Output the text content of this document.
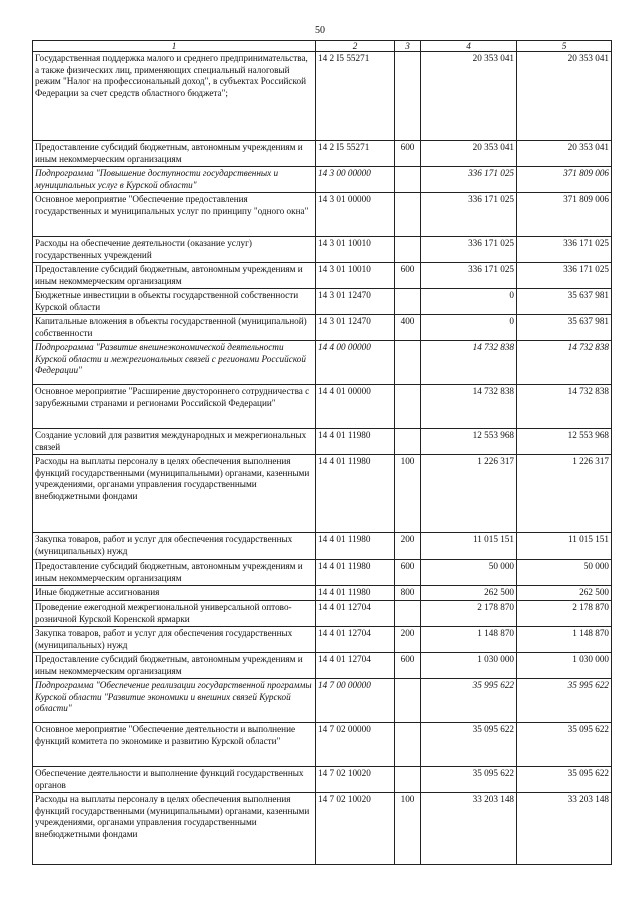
50
1	2	3	4	5
Государственная поддержка малого и среднего предпринимательства, а также физических лиц, применяющих специальный налоговый режим "Налог на профессиональный доход", в субъектах Российской Федерации за счет средств областного бюджета";	14 2 I5 55271		20 353 041	20 353 041
Предоставление субсидий бюджетным, автономным учреждениям и иным некоммерческим организациям	14 2 I5 55271	600	20 353 041	20 353 041
Подпрограмма "Повышение доступности государственных и муниципальных услуг в Курской области"	14 3 00 00000		336 171 025	371 809 006
Основное мероприятие "Обеспечение предоставления государственных и муниципальных услуг по принципу "одного окна"	14 3 01 00000		336 171 025	371 809 006
Расходы на обеспечение деятельности (оказание услуг) государственных учреждений	14 3 01 10010		336 171 025	336 171 025
Предоставление субсидий бюджетным, автономным учреждениям и иным некоммерческим организациям	14 3 01 10010	600	336 171 025	336 171 025
Бюджетные инвестиции в объекты государственной собственности Курской области	14 3 01 12470		0	35 637 981
Капитальные вложения в объекты государственной (муниципальной) собственности	14 3 01 12470	400	0	35 637 981
Подпрограмма "Развитие внешнеэкономической деятельности Курской области и межрегиональных связей с регионами Российской Федерации"	14 4 00 00000		14 732 838	14 732 838
Основное мероприятие "Расширение двустороннего сотрудничества с зарубежными странами и регионами Российской Федерации"	14 4 01 00000		14 732 838	14 732 838
Создание условий для развития международных и межрегиональных связей	14 4 01 11980		12 553 968	12 553 968
Расходы на выплаты персоналу в целях обеспечения выполнения функций государственными (муниципальными) органами, казенными учреждениями, органами управления государственными внебюджетными фондами	14 4 01 11980	100	1 226 317	1 226 317
Закупка товаров, работ и услуг для обеспечения государственных (муниципальных) нужд	14 4 01 11980	200	11 015 151	11 015 151
Предоставление субсидий бюджетным, автономным учреждениям и иным некоммерческим организациям	14 4 01 11980	600	50 000	50 000
Иные бюджетные ассигнования	14 4 01 11980	800	262 500	262 500
Проведение ежегодной межрегиональной универсальной оптово-розничной Курской Коренской ярмарки	14 4 01 12704		2 178 870	2 178 870
Закупка товаров, работ и услуг для обеспечения государственных (муниципальных) нужд	14 4 01 12704	200	1 148 870	1 148 870
Предоставление субсидий бюджетным, автономным учреждениям и иным некоммерческим организациям	14 4 01 12704	600	1 030 000	1 030 000
Подпрограмма "Обеспечение реализации государственной программы Курской области "Развитие экономики и внешних связей Курской области"	14 7 00 00000		35 995 622	35 995 622
Основное мероприятие "Обеспечение деятельности и выполнение функций комитета по экономике и развитию Курской области"	14 7 02 00000		35 095 622	35 095 622
Обеспечение деятельности и выполнение функций государственных органов	14 7 02 10020		35 095 622	35 095 622
Расходы на выплаты персоналу в целях обеспечения выполнения функций государственными (муниципальными) органами, казенными учреждениями, органами управления государственными внебюджетными фондами	14 7 02 10020	100	33 203 148	33 203 148
